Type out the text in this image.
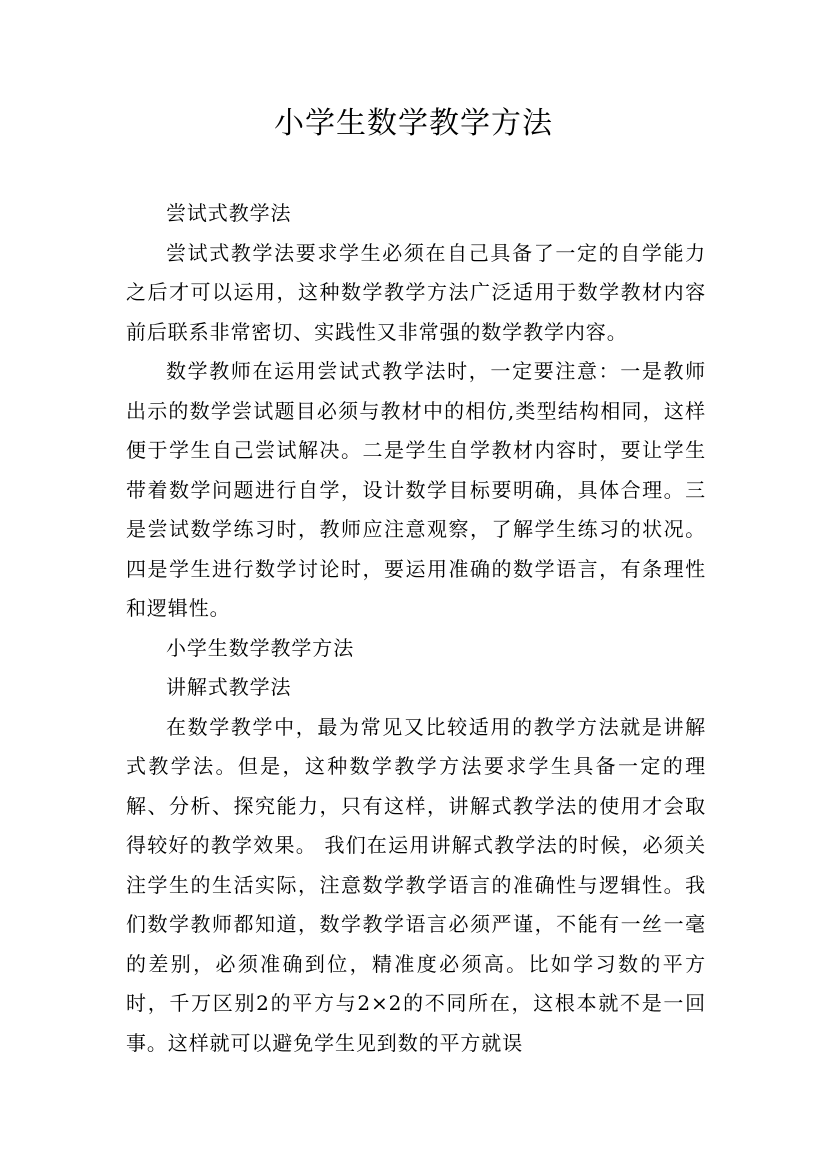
小学生数学教学方法

尝试式教学法

尝试式教学法要求学生必须在自己具备了一定的自学能力之后才可以运用，这种数学教学方法广泛适用于数学教材内容前后联系非常密切、实践性又非常强的数学教学内容。

数学教师在运用尝试式教学法时，一定要注意：一是教师出示的数学尝试题目必须与教材中的相仿,类型结构相同，这样便于学生自己尝试解决。二是学生自学教材内容时，要让学生带着数学问题进行自学，设计数学目标要明确，具体合理。三是尝试数学练习时，教师应注意观察，了解学生练习的状况。四是学生进行数学讨论时，要运用准确的数学语言，有条理性和逻辑性。

小学生数学教学方法

讲解式教学法

在数学教学中，最为常见又比较适用的教学方法就是讲解式教学法。但是，这种数学教学方法要求学生具备一定的理解、分析、探究能力，只有这样，讲解式教学法的使用才会取得较好的教学效果。 我们在运用讲解式教学法的时候，必须关注学生的生活实际，注意数学教学语言的准确性与逻辑性。我们数学教师都知道，数学教学语言必须严谨，不能有一丝一毫的差别，必须准确到位，精准度必须高。比如学习数的平方时，千万区别2的平方与2×2的不同所在，这根本就不是一回事。这样就可以避免学生见到数的平方就误
